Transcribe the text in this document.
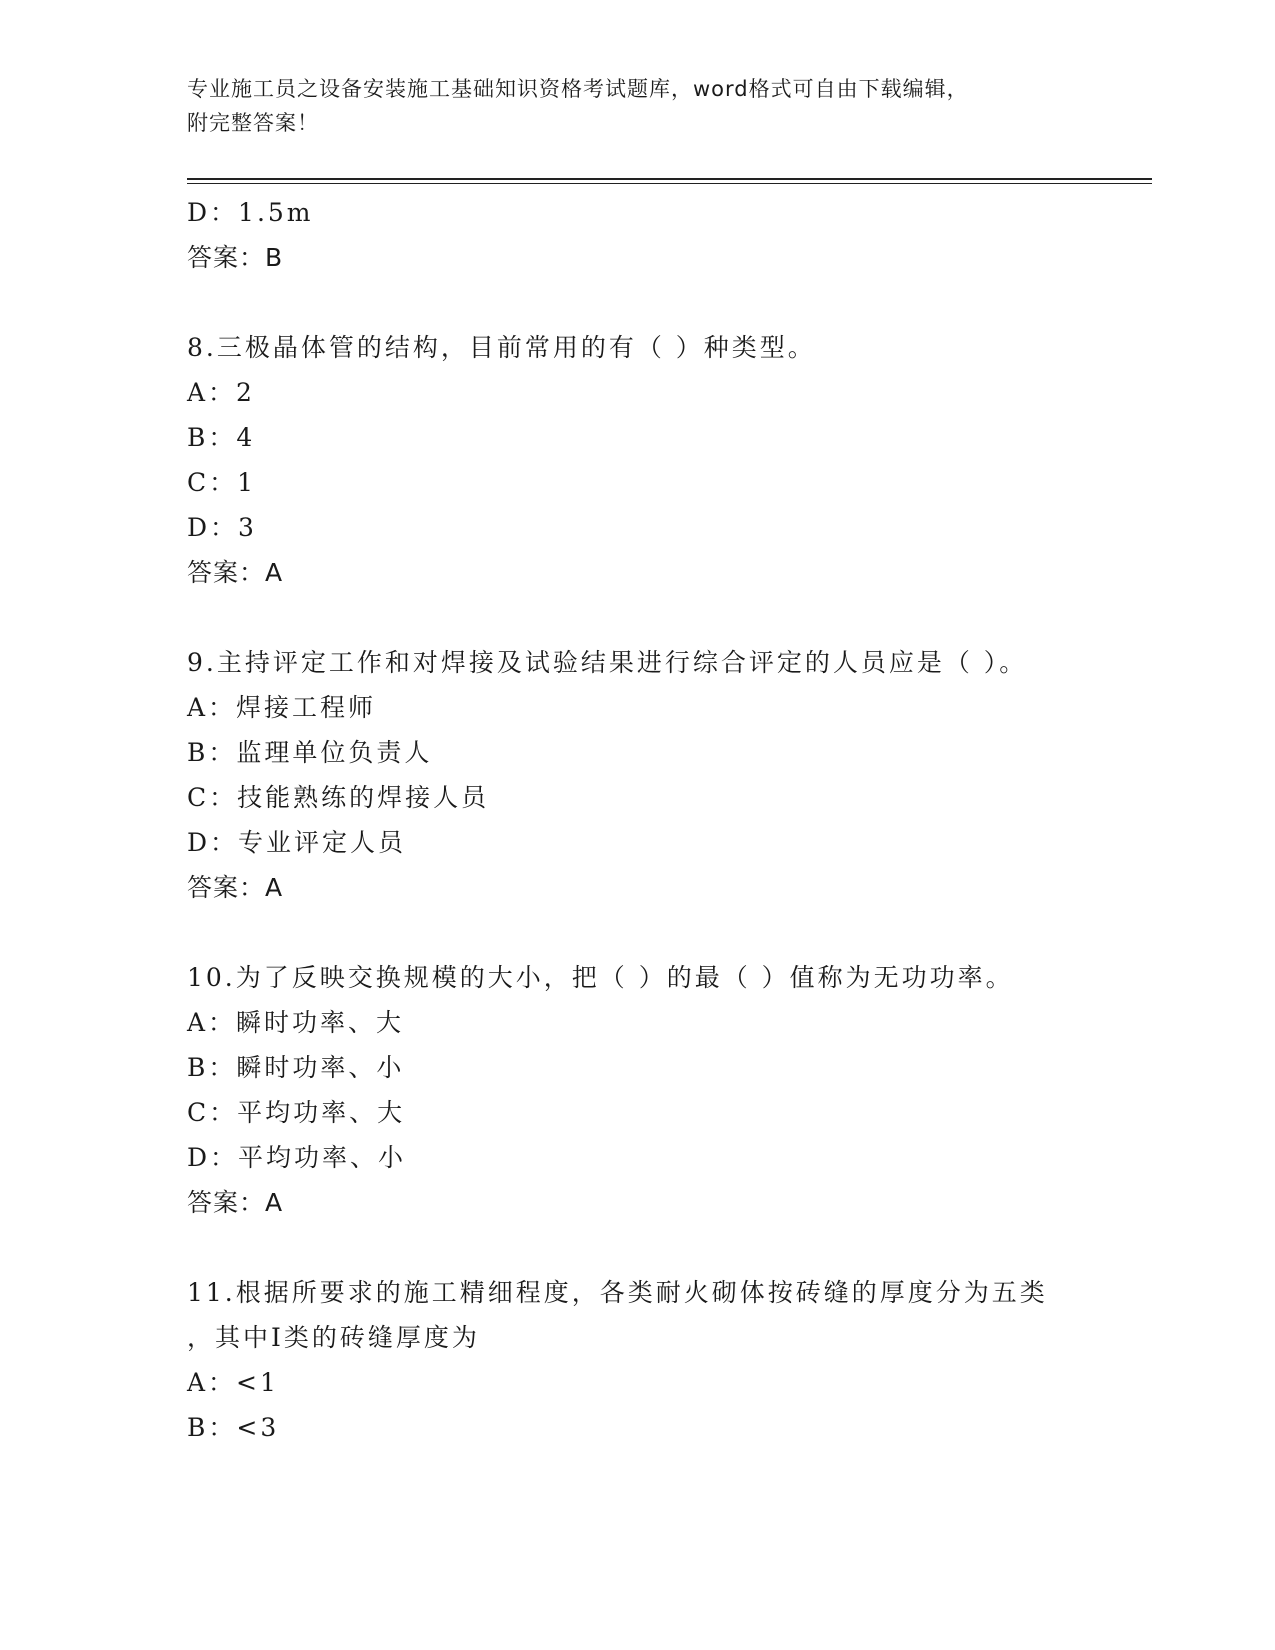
专业施工员之设备安装施工基础知识资格考试题库，word格式可自由下载编辑，
附完整答案！
D：1.5m
答案：B
8.三极晶体管的结构，目前常用的有（ ）种类型。
A：2
B：4
C：1
D：3
答案：A
9.主持评定工作和对焊接及试验结果进行综合评定的人员应是（ ）。
A：焊接工程师
B：监理单位负责人
C：技能熟练的焊接人员
D：专业评定人员
答案：A
10.为了反映交换规模的大小，把（ ）的最（ ）值称为无功功率。
A：瞬时功率、大
B：瞬时功率、小
C：平均功率、大
D：平均功率、小
答案：A
11.根据所要求的施工精细程度，各类耐火砌体按砖缝的厚度分为五类
，其中Ⅰ类的砖缝厚度为
A：<1
B：<3
